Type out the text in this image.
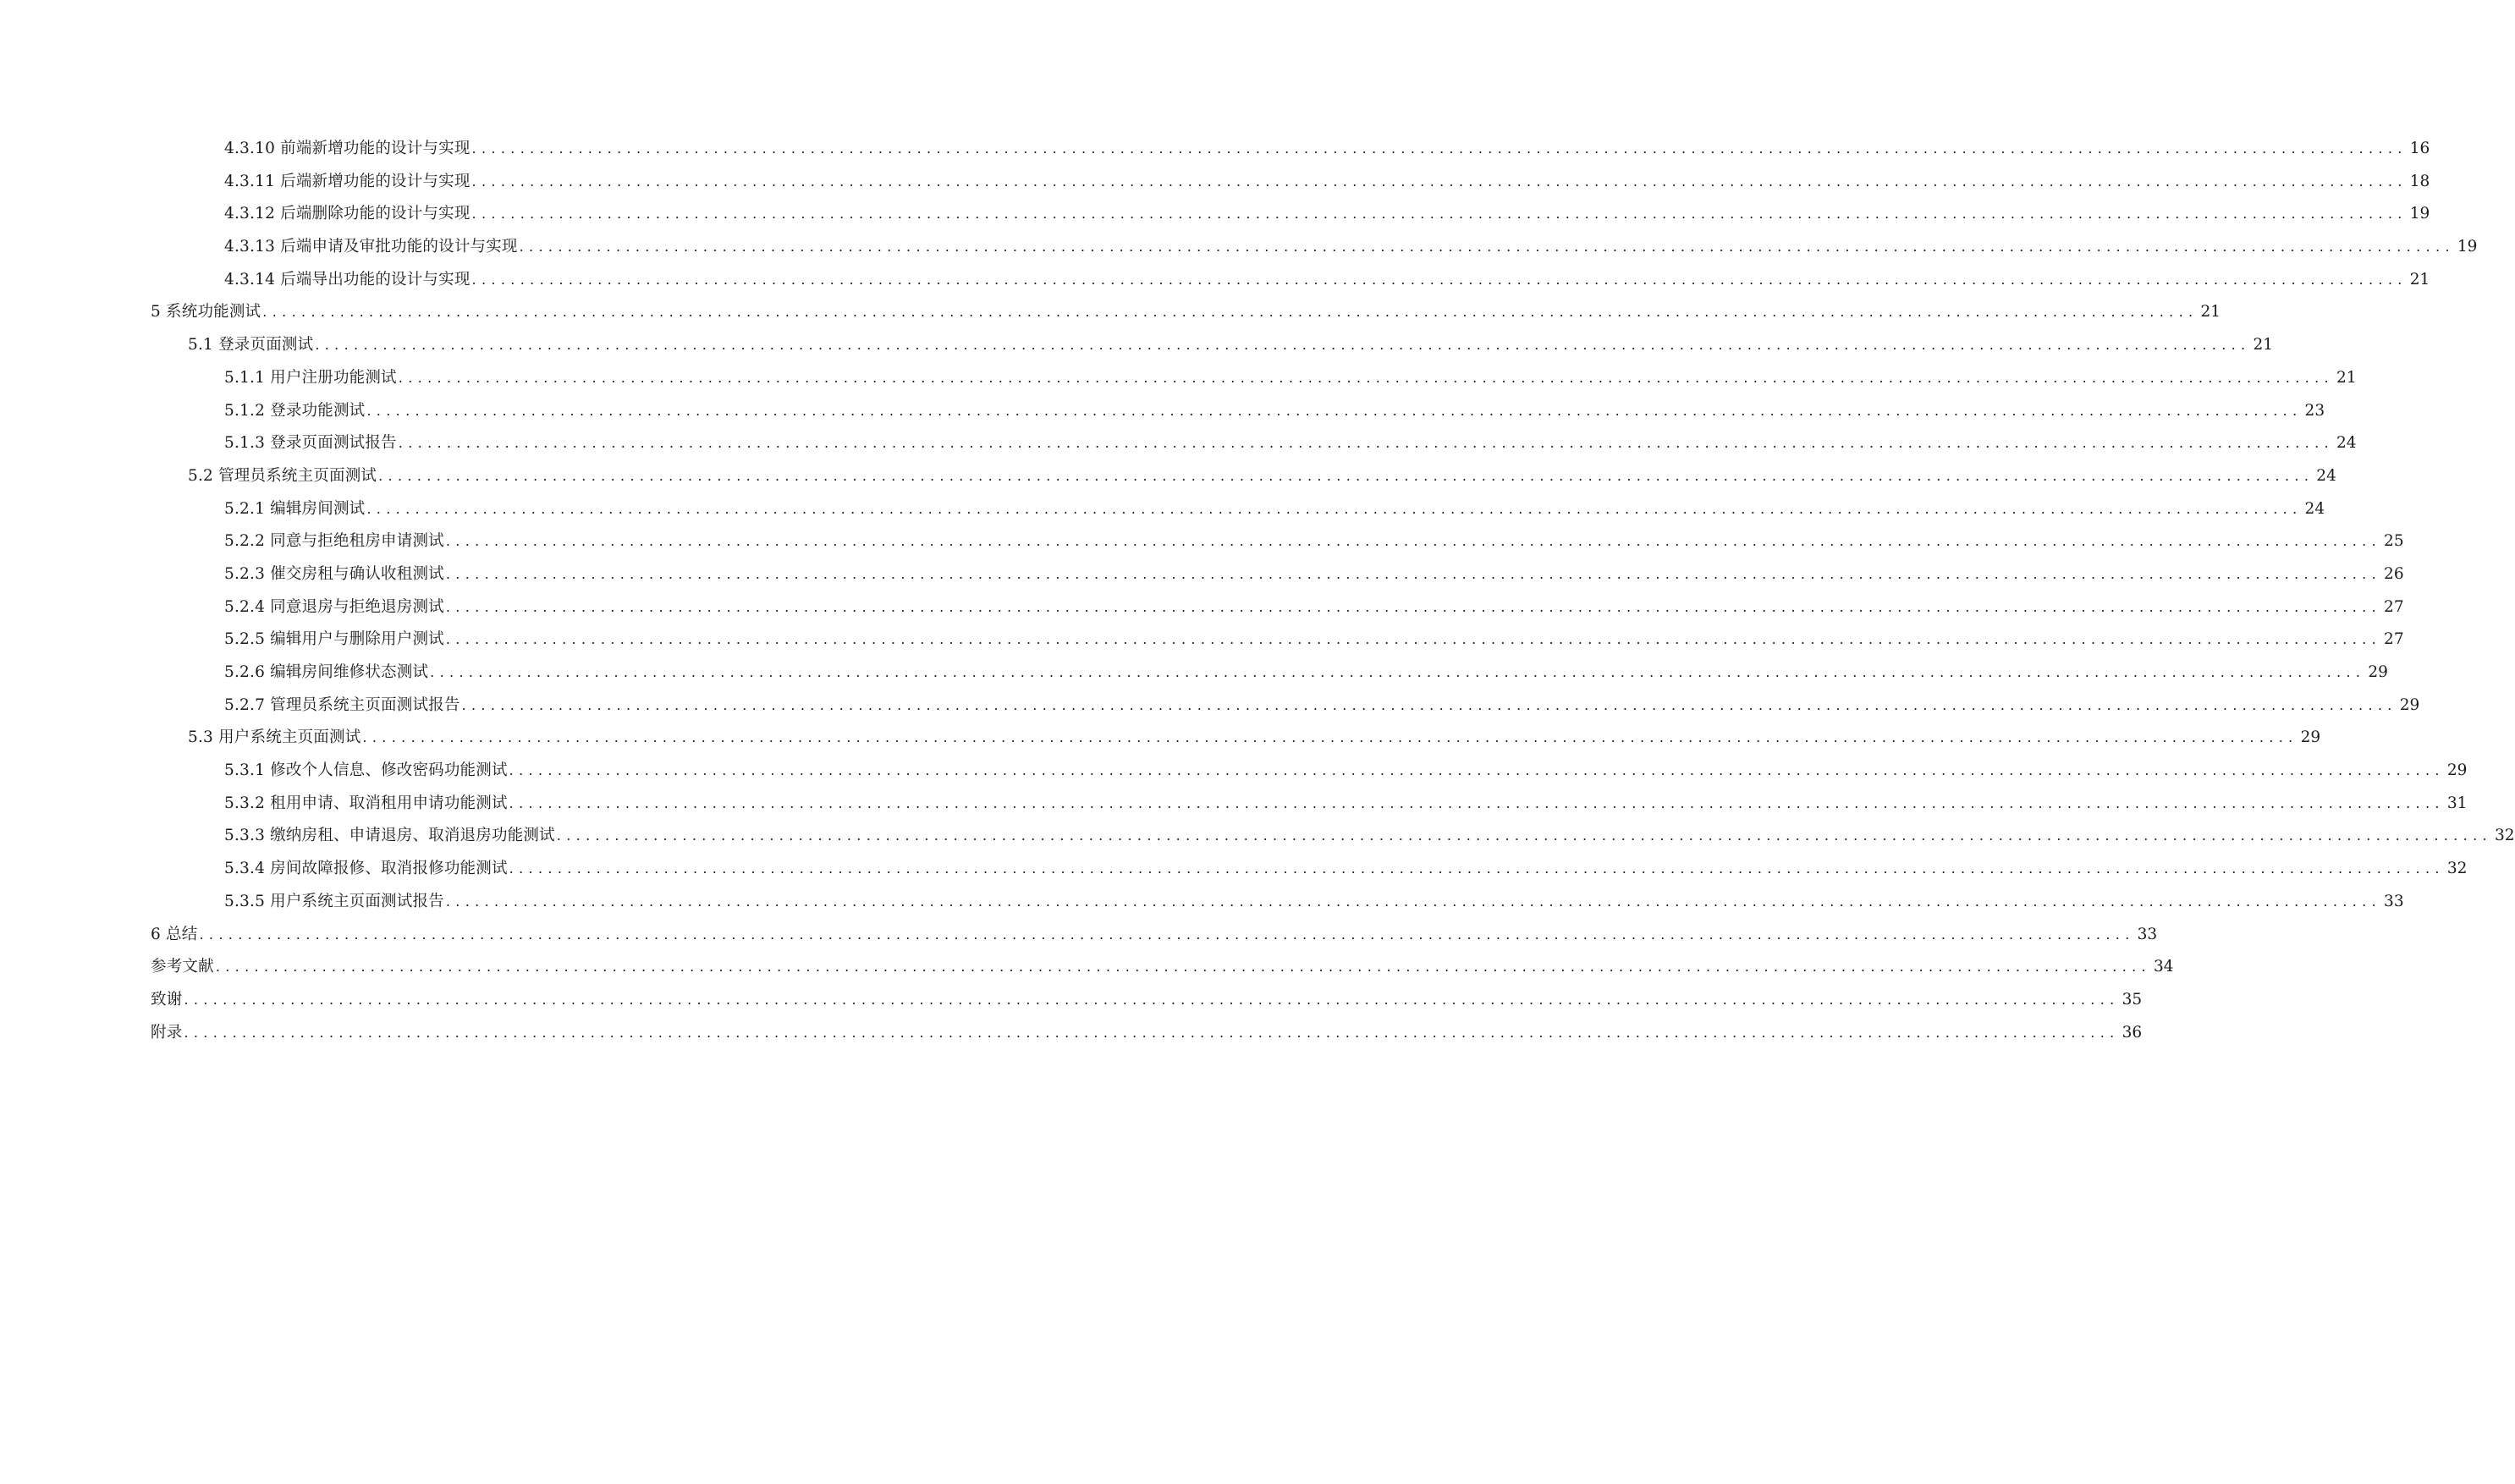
4.3.10 前端新增功能的设计与实现 ........................................................................................................................................................................................................ 16
4.3.11 后端新增功能的设计与实现 ........................................................................................................................................................................................................ 18
4.3.12 后端删除功能的设计与实现 ........................................................................................................................................................................................................ 19
4.3.13 后端申请及审批功能的设计与实现 ........................................................................................................................................................................................................ 19
4.3.14 后端导出功能的设计与实现 ........................................................................................................................................................................................................ 21
5 系统功能测试 ........................................................................................................................................................................................................ 21
5.1 登录页面测试 ........................................................................................................................................................................................................ 21
5.1.1 用户注册功能测试 ........................................................................................................................................................................................................ 21
5.1.2 登录功能测试 ........................................................................................................................................................................................................ 23
5.1.3 登录页面测试报告 ........................................................................................................................................................................................................ 24
5.2 管理员系统主页面测试 ........................................................................................................................................................................................................ 24
5.2.1 编辑房间测试 ........................................................................................................................................................................................................ 24
5.2.2 同意与拒绝租房申请测试 ........................................................................................................................................................................................................ 25
5.2.3 催交房租与确认收租测试 ........................................................................................................................................................................................................ 26
5.2.4 同意退房与拒绝退房测试 ........................................................................................................................................................................................................ 27
5.2.5 编辑用户与删除用户测试 ........................................................................................................................................................................................................ 27
5.2.6 编辑房间维修状态测试 ........................................................................................................................................................................................................ 29
5.2.7 管理员系统主页面测试报告 ........................................................................................................................................................................................................ 29
5.3 用户系统主页面测试 ........................................................................................................................................................................................................ 29
5.3.1 修改个人信息、修改密码功能测试 ........................................................................................................................................................................................................ 29
5.3.2 租用申请、取消租用申请功能测试 ........................................................................................................................................................................................................ 31
5.3.3 缴纳房租、申请退房、取消退房功能测试 ........................................................................................................................................................................................................ 32
5.3.4 房间故障报修、取消报修功能测试 ........................................................................................................................................................................................................ 32
5.3.5 用户系统主页面测试报告 ........................................................................................................................................................................................................ 33
6 总结 ........................................................................................................................................................................................................ 33
参考文献 ........................................................................................................................................................................................................ 34
致谢 ........................................................................................................................................................................................................ 35
附录 ........................................................................................................................................................................................................ 36
